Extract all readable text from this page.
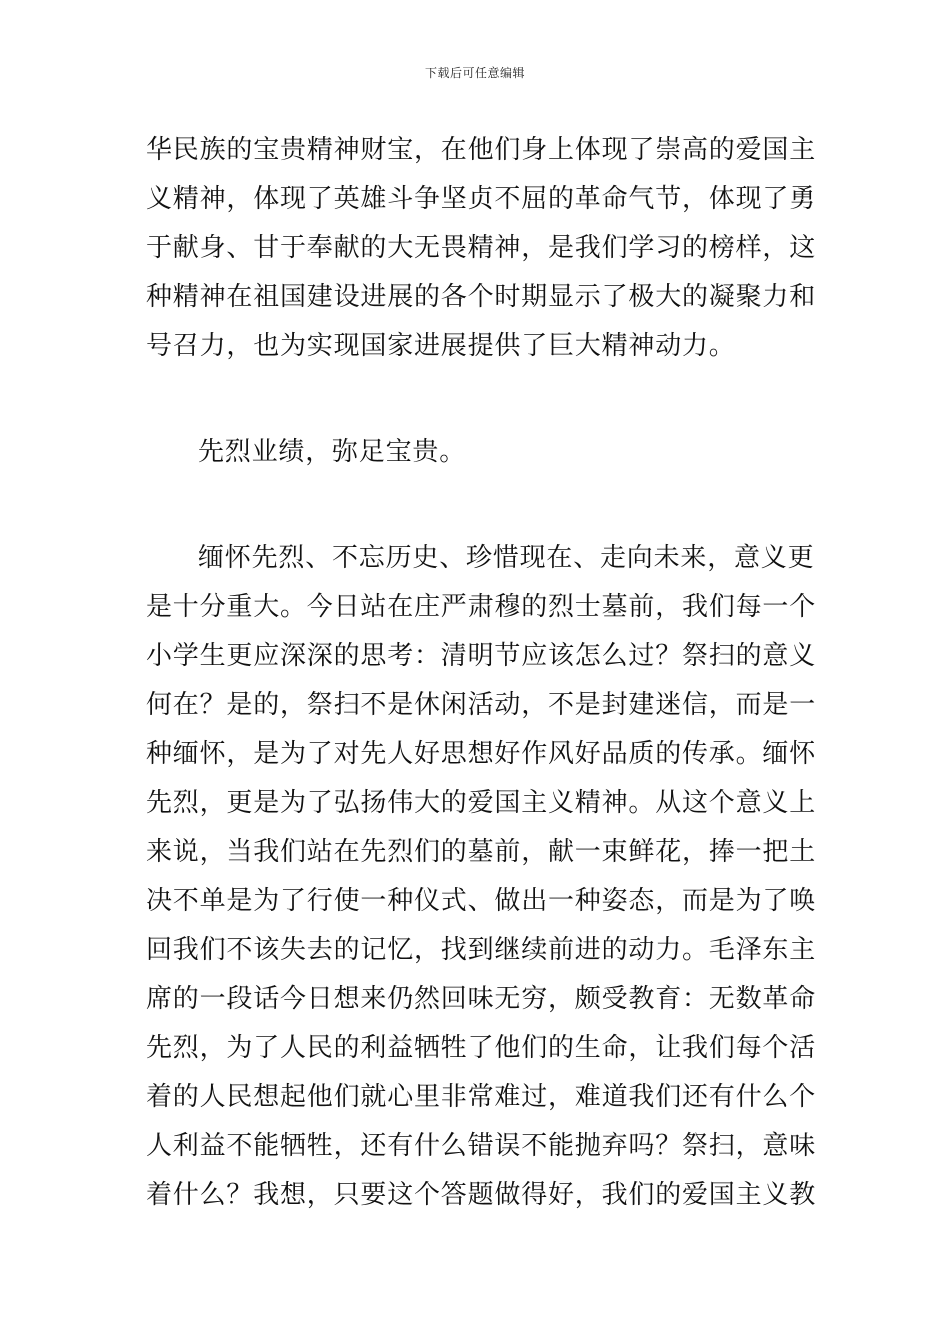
下载后可任意编辑
华民族的宝贵精神财宝，在他们身上体现了崇高的爱国主
义精神，体现了英雄斗争坚贞不屈的革命气节，体现了勇
于献身、甘于奉献的大无畏精神，是我们学习的榜样，这
种精神在祖国建设进展的各个时期显示了极大的凝聚力和
号召力，也为实现国家进展提供了巨大精神动力。
先烈业绩，弥足宝贵。
缅怀先烈、不忘历史、珍惜现在、走向未来，意义更
是十分重大。今日站在庄严肃穆的烈士墓前，我们每一个
小学生更应深深的思考：清明节应该怎么过？祭扫的意义
何在？是的，祭扫不是休闲活动，不是封建迷信，而是一
种缅怀，是为了对先人好思想好作风好品质的传承。缅怀
先烈，更是为了弘扬伟大的爱国主义精神。从这个意义上
来说，当我们站在先烈们的墓前，献一束鲜花，捧一把土
决不单是为了行使一种仪式、做出一种姿态，而是为了唤
回我们不该失去的记忆，找到继续前进的动力。毛泽东主
席的一段话今日想来仍然回味无穷，颇受教育：无数革命
先烈，为了人民的利益牺牲了他们的生命，让我们每个活
着的人民想起他们就心里非常难过，难道我们还有什么个
人利益不能牺牲，还有什么错误不能抛弃吗？祭扫，意味
着什么？我想，只要这个答题做得好，我们的爱国主义教
